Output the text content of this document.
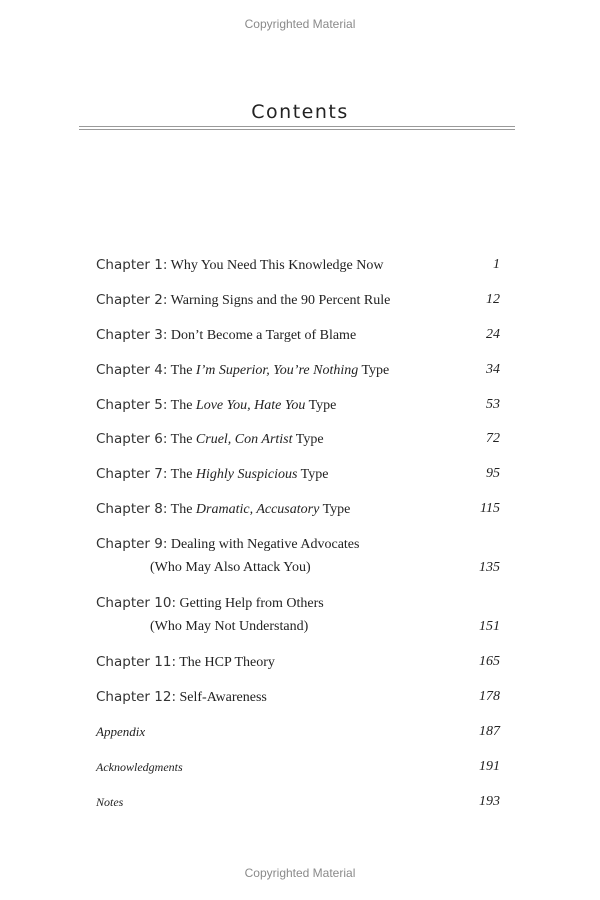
Copyrighted Material
Contents
Chapter 1: Why You Need This Knowledge Now	1
Chapter 2: Warning Signs and the 90 Percent Rule	12
Chapter 3: Don’t Become a Target of Blame	24
Chapter 4: The I’m Superior, You’re Nothing Type	34
Chapter 5: The Love You, Hate You Type	53
Chapter 6: The Cruel, Con Artist Type	72
Chapter 7: The Highly Suspicious Type	95
Chapter 8: The Dramatic, Accusatory Type	115
Chapter 9: Dealing with Negative Advocates
(Who May Also Attack You)	135
Chapter 10: Getting Help from Others
(Who May Not Understand)	151
Chapter 11: The HCP Theory	165
Chapter 12: Self-Awareness	178
Appendix	187
Acknowledgments	191
Notes	193
Copyrighted Material
